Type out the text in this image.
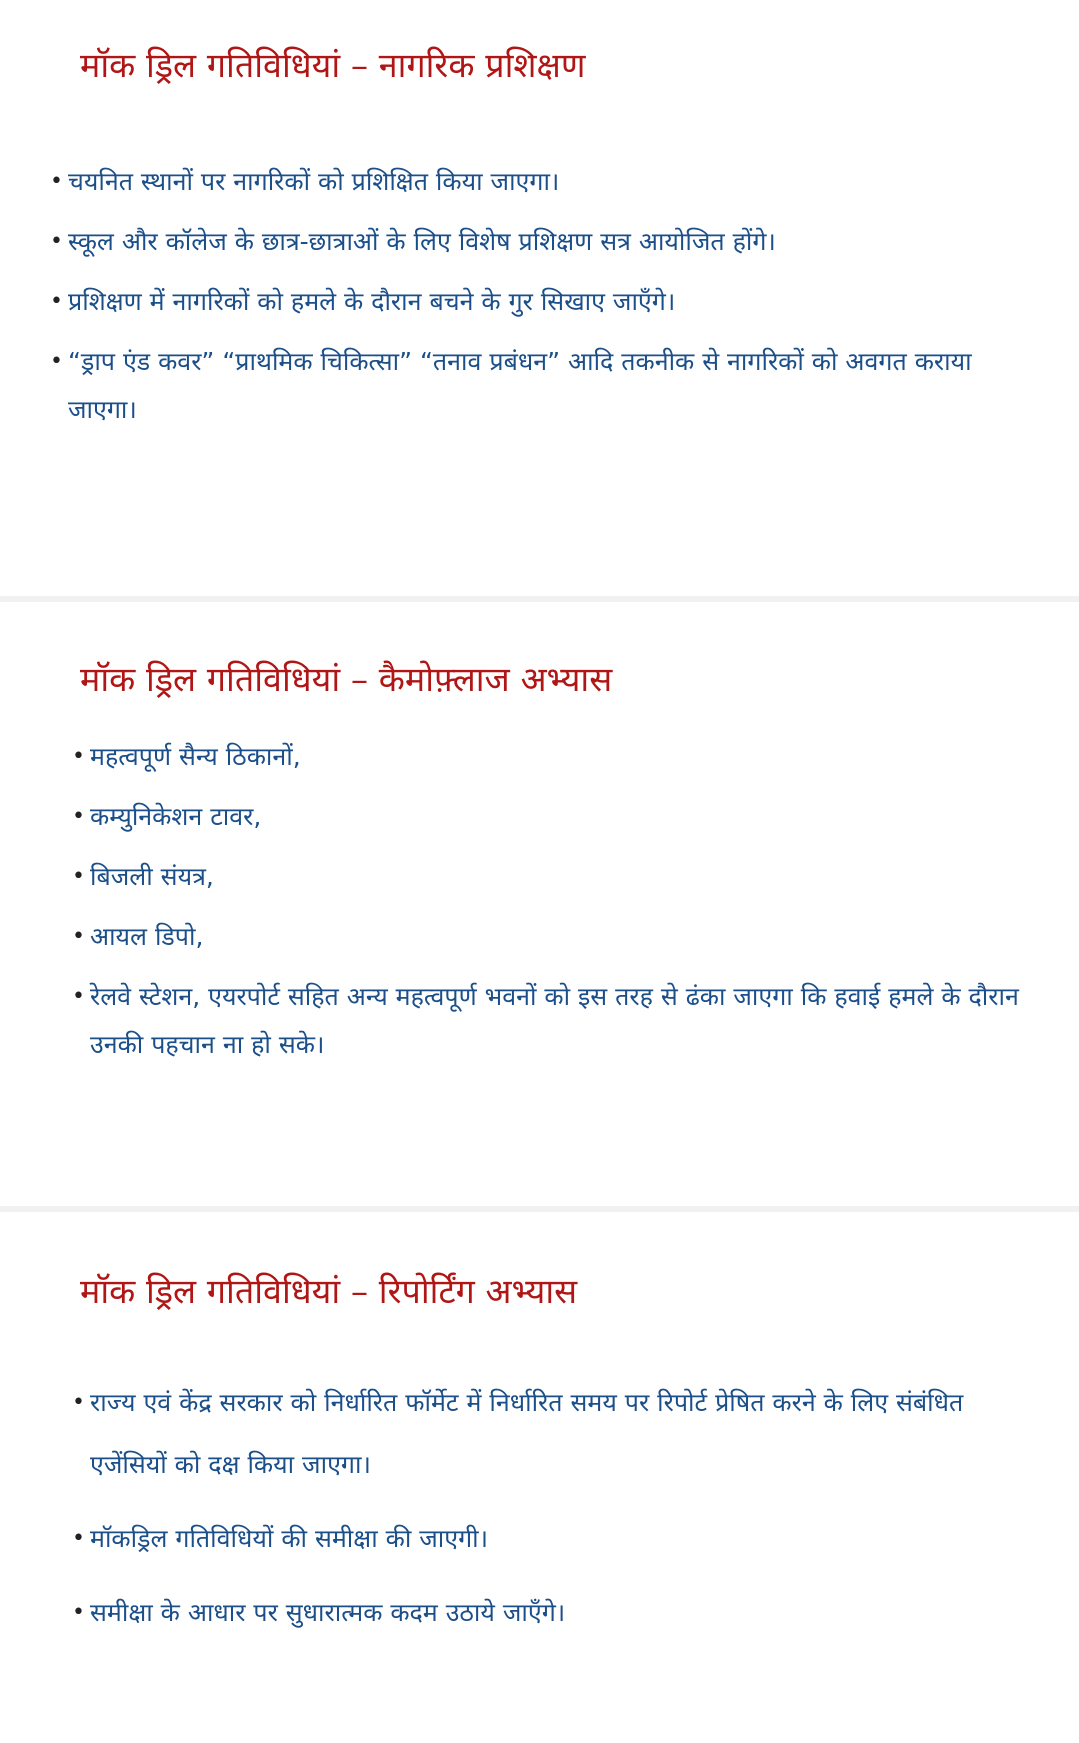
मॉक ड्रिल गतिविधियां – नागरिक प्रशिक्षण
• चयनित स्थानों पर नागरिकों को प्रशिक्षित किया जाएगा।
• स्कूल और कॉलेज के छात्र-छात्राओं के लिए विशेष प्रशिक्षण सत्र आयोजित होंगे।
• प्रशिक्षण में नागरिकों को हमले के दौरान बचने के गुर सिखाए जाएँगे।
• “ड्राप एंड कवर” “प्राथमिक चिकित्सा” “तनाव प्रबंधन” आदि तकनीक से नागरिकों को अवगत कराया जाएगा।
मॉक ड्रिल गतिविधियां – कैमोफ़्लाज अभ्यास
• महत्वपूर्ण सैन्य ठिकानों,
• कम्युनिकेशन टावर,
• बिजली संयत्र,
• आयल डिपो,
• रेलवे स्टेशन, एयरपोर्ट सहित अन्य महत्वपूर्ण भवनों को इस तरह से ढंका जाएगा कि हवाई हमले के दौरान उनकी पहचान ना हो सके।
मॉक ड्रिल गतिविधियां – रिपोर्टिंग अभ्यास
• राज्य एवं केंद्र सरकार को निर्धारित फॉर्मेट में निर्धारित समय पर रिपोर्ट प्रेषित करने के लिए संबंधित एजेंसियों को दक्ष किया जाएगा।
• मॉकड्रिल गतिविधियों की समीक्षा की जाएगी।
• समीक्षा के आधार पर सुधारात्मक कदम उठाये जाएँगे।
